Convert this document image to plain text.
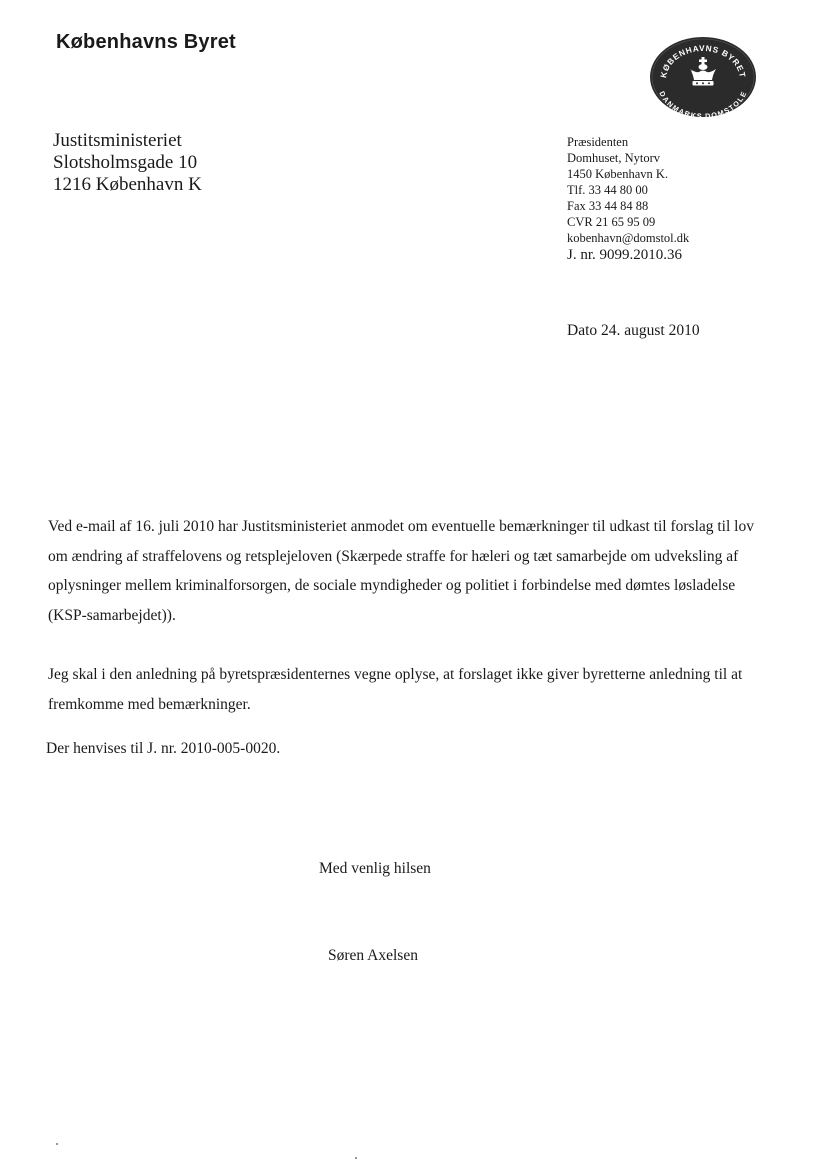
Københavns Byret
KØBENHAVNS BYRET
DANMARKS DOMSTOLE
Justitsministeriet
Slotsholmsgade 10
1216 København K
Præsidenten
Domhuset, Nytorv
1450 København K.
Tlf. 33 44 80 00
Fax 33 44 84 88
CVR 21 65 95 09
kobenhavn@domstol.dk
J. nr. 9099.2010.36
Dato 24. august 2010

Ved e-mail af 16. juli 2010 har Justitsministeriet anmodet om eventuelle bemærkninger til udkast til forslag til lov om ændring af straffelovens og retsplejeloven (Skærpede straffe for hæleri og tæt samarbejde om udveksling af oplysninger mellem kriminalforsorgen, de sociale myndigheder og politiet i forbindelse med dømtes løsladelse (KSP-samarbejdet)).

Jeg skal i den anledning på byretspræsidenternes vegne oplyse, at forslaget ikke giver byretterne anledning til at fremkomme med bemærkninger.

Der henvises til J. nr. 2010-005-0020.
Med venlig hilsen
Søren Axelsen
